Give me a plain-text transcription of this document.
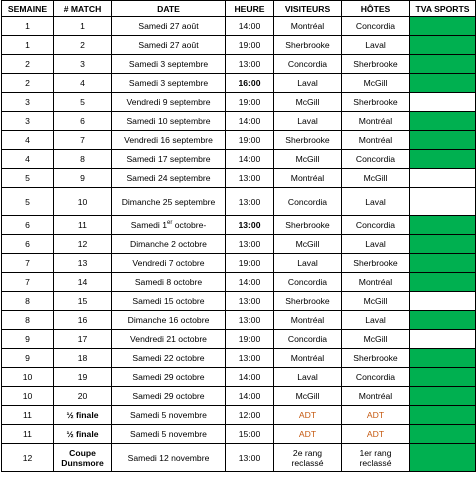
SEMAINE	# MATCH	DATE	HEURE	VISITEURS	HÔTES	TVA SPORTS
1	1	Samedi 27 août	14:00	Montréal	Concordia	
1	2	Samedi 27 août	19:00	Sherbrooke	Laval	
2	3	Samedi 3 septembre	13:00	Concordia	Sherbrooke	
2	4	Samedi 3 septembre	16:00	Laval	McGill	
3	5	Vendredi 9 septembre	19:00	McGill	Sherbrooke	
3	6	Samedi 10 septembre	14:00	Laval	Montréal	
4	7	Vendredi 16 septembre	19:00	Sherbrooke	Montréal	
4	8	Samedi 17 septembre	14:00	McGill	Concordia	
5	9	Samedi 24 septembre	13:00	Montréal	McGill	
5	10	Dimanche 25 septembre	13:00	Concordia	Laval	
6	11	Samedi 1er octobre-	13:00	Sherbrooke	Concordia	
6	12	Dimanche 2 octobre	13:00	McGill	Laval	
7	13	Vendredi 7 octobre	19:00	Laval	Sherbrooke	
7	14	Samedi 8 octobre	14:00	Concordia	Montréal	
8	15	Samedi 15 octobre	13:00	Sherbrooke	McGill	
8	16	Dimanche 16 octobre	13:00	Montréal	Laval	
9	17	Vendredi 21 octobre	19:00	Concordia	McGill	
9	18	Samedi 22 octobre	13:00	Montréal	Sherbrooke	
10	19	Samedi 29 octobre	14:00	Laval	Concordia	
10	20	Samedi 29 octobre	14:00	McGill	Montréal	
11	½ finale	Samedi 5 novembre	12:00	ADT	ADT	
11	½ finale	Samedi 5 novembre	15:00	ADT	ADT	
12	Coupe Dunsmore	Samedi 12 novembre	13:00	2e rang reclassé	1er rang reclassé	
